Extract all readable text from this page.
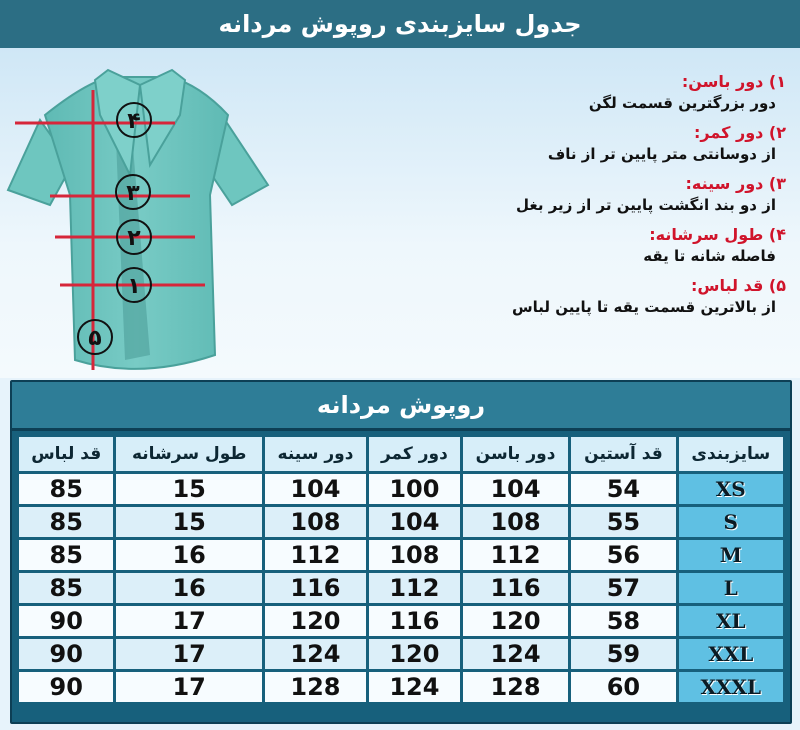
جدول سایزبندی روپوش مردانه
۴
۳
۲
۱
۵
۱) دور باسن:
دور بزرگترین قسمت لگن
۲) دور کمر:
از دوسانتی متر پایین تر از ناف
۳) دور سینه:
از دو بند انگشت پایین تر از زیر بغل
۴) طول سرشانه:
فاصله شانه تا یقه
۵) قد لباس:
از بالاترین قسمت یقه تا پایین لباس
روپوش مردانه
سایزبندی	قد آستین	دور باسن	دور کمر	دور سینه	طول سرشانه	قد لباس
XS	54	104	100	104	15	85
S	55	108	104	108	15	85
M	56	112	108	112	16	85
L	57	116	112	116	16	85
XL	58	120	116	120	17	90
XXL	59	124	120	124	17	90
XXXL	60	128	124	128	17	90
